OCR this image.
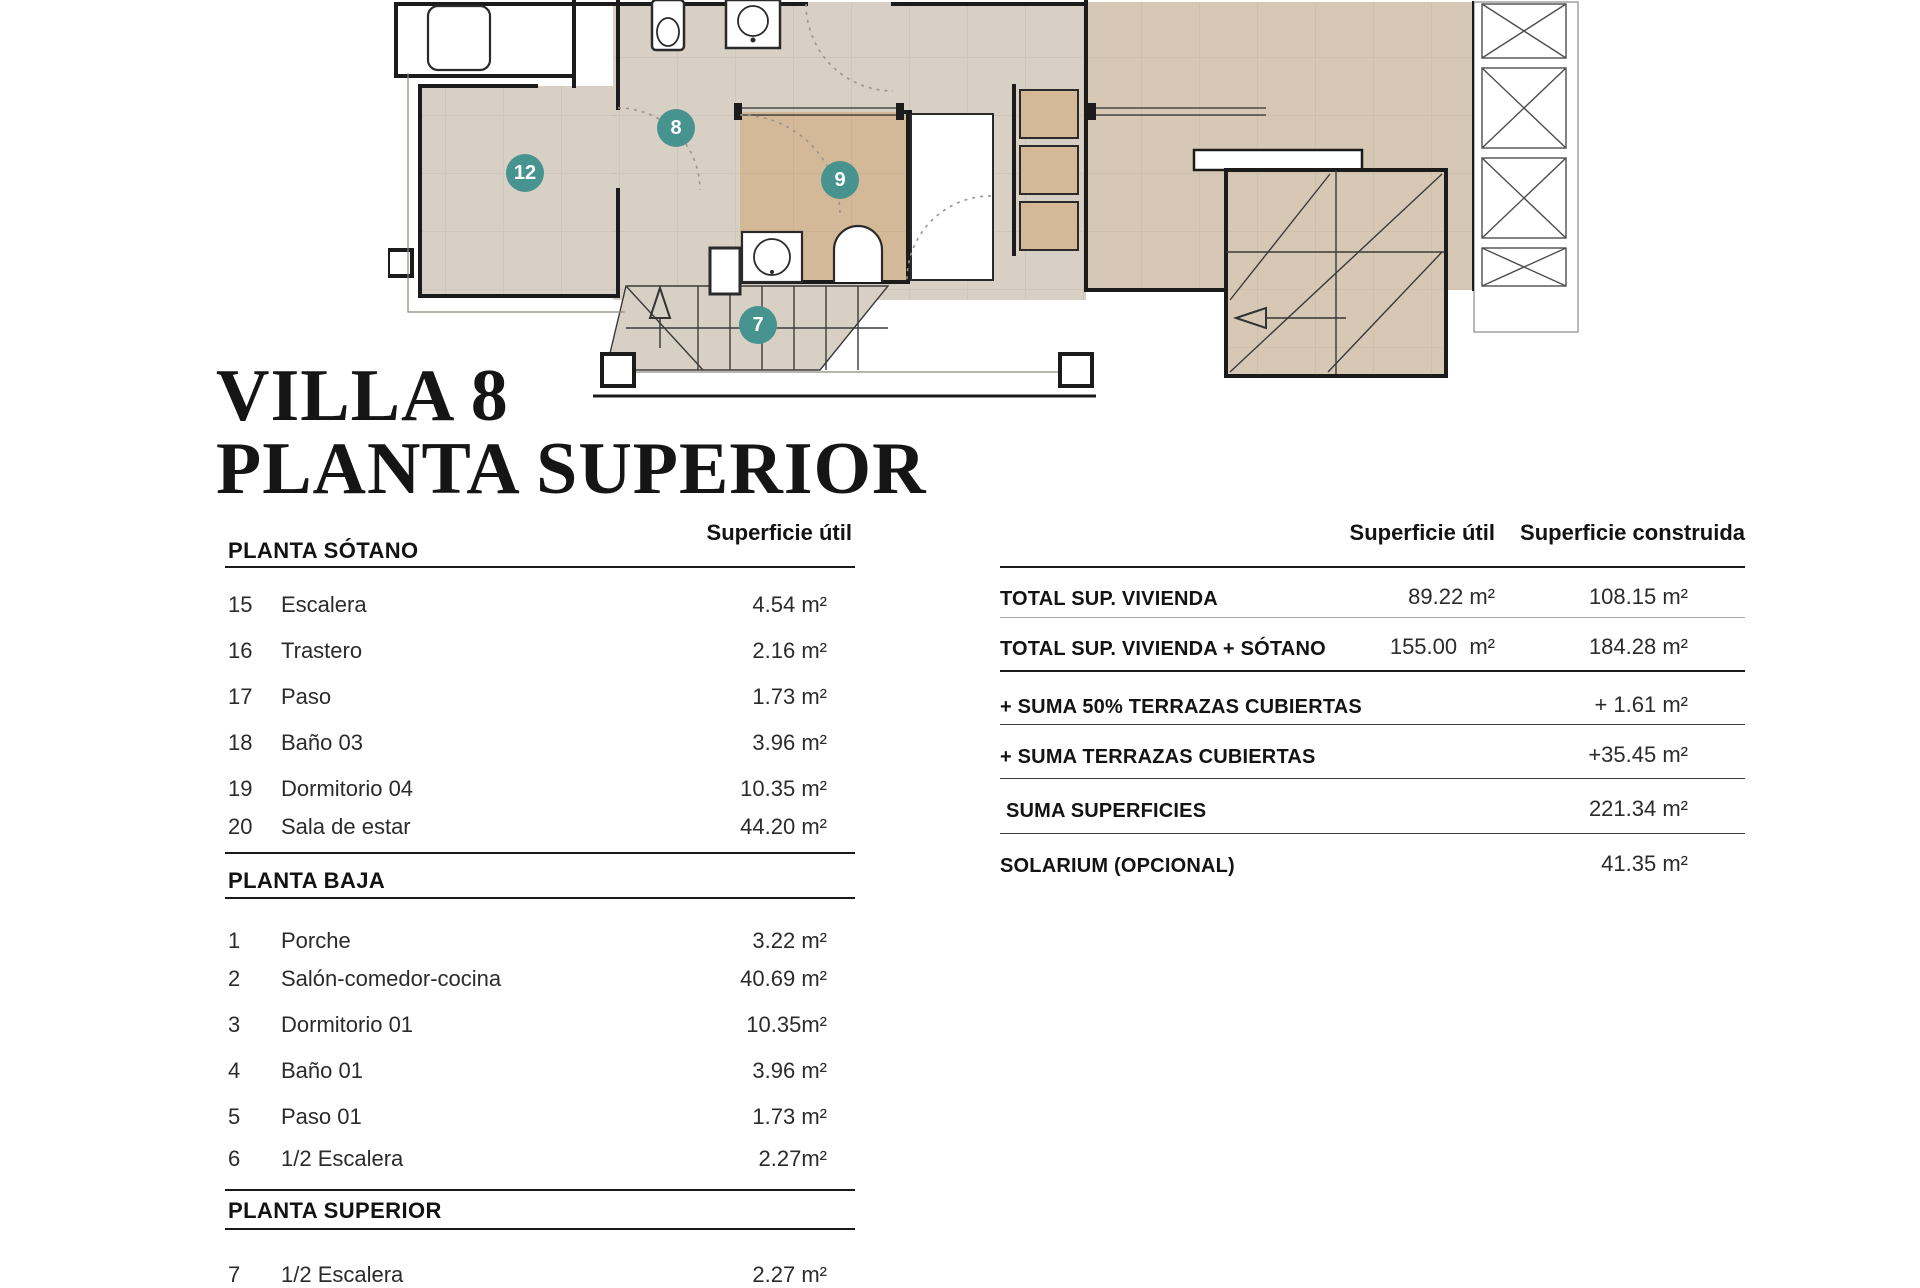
7
8
9
12
VILLA 8
PLANTA SUPERIOR
Superficie útil
PLANTA SÓTANO
15 Escalera	4.54 m²
16 Trastero	2.16 m²
17 Paso	1.73 m²
18 Baño 03	3.96 m²
19 Dormitorio 04	10.35 m²
20 Sala de estar	44.20 m²
PLANTA BAJA
1 Porche	3.22 m²
2 Salón-comedor-cocina	40.69 m²
3 Dormitorio 01	10.35m²
4 Baño 01	3.96 m²
5 Paso 01	1.73 m²
6 1/2 Escalera	2.27m²
PLANTA SUPERIOR
7 1/2 Escalera	2.27 m²
Superficie útil	Superficie construida
TOTAL SUP. VIVIENDA	89.22 m²	108.15 m²
TOTAL SUP. VIVIENDA + SÓTANO	155.00  m²	184.28 m²
+ SUMA 50% TERRAZAS CUBIERTAS	+ 1.61 m²
+ SUMA TERRAZAS CUBIERTAS	+35.45 m²
SUMA SUPERFICIES	221.34 m²
SOLARIUM (OPCIONAL)	41.35 m²
